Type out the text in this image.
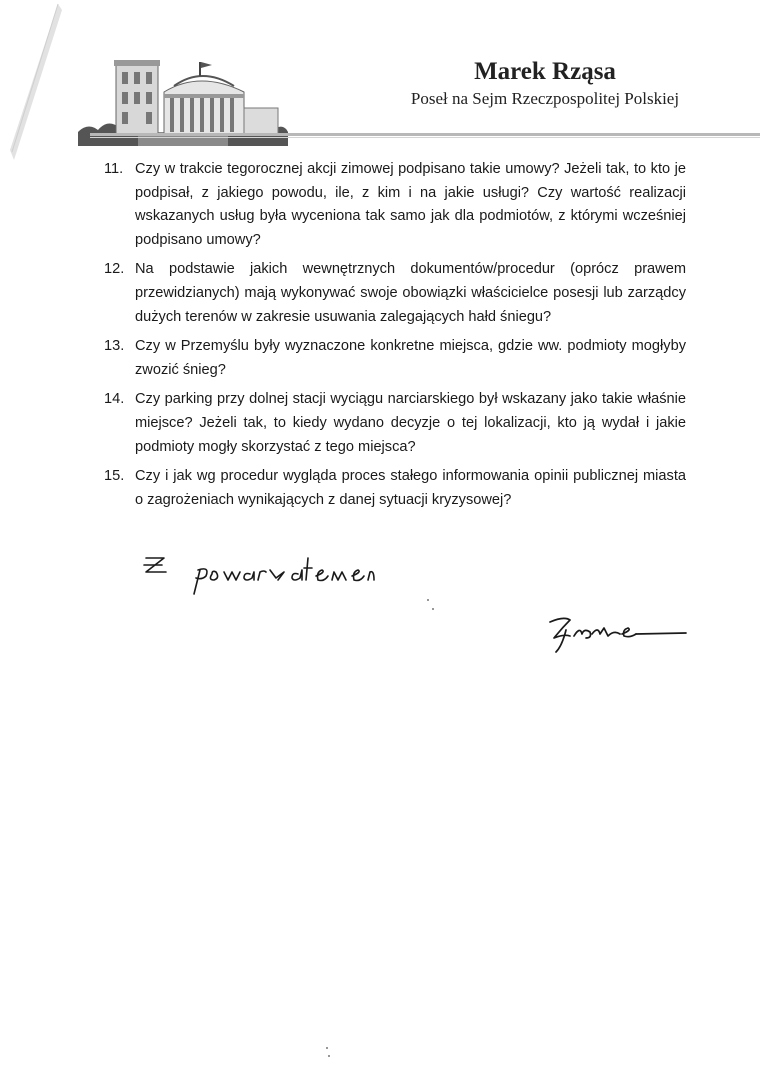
Marek Rząsa
Poseł na Sejm Rzeczpospolitej Polskiej
11. Czy w trakcie tegorocznej akcji zimowej podpisano takie umowy? Jeżeli tak, to kto je podpisał, z jakiego powodu, ile, z kim i na jakie usługi? Czy wartość realizacji wskazanych usług była wyceniona tak samo jak dla podmiotów, z którymi wcześniej podpisano umowy?
12. Na podstawie jakich wewnętrznych dokumentów/procedur (oprócz prawem przewidzianych) mają wykonywać swoje obowiązki właścicielce posesji lub zarządcy dużych terenów w zakresie usuwania zalegających hałd śniegu?
13. Czy w Przemyślu były wyznaczone konkretne miejsca, gdzie ww. podmioty mogłyby zwozić śnieg?
14. Czy parking przy dolnej stacji wyciągu narciarskiego był wskazany jako takie właśnie miejsce? Jeżeli tak, to kiedy wydano decyzje o tej lokalizacji, kto ją wydał i jakie podmioty mogły skorzystać z tego miejsca?
15. Czy i jak wg procedur wygląda proces stałego informowania opinii publicznej miasta o zagrożeniach wynikających z danej sytuacji kryzysowej?
